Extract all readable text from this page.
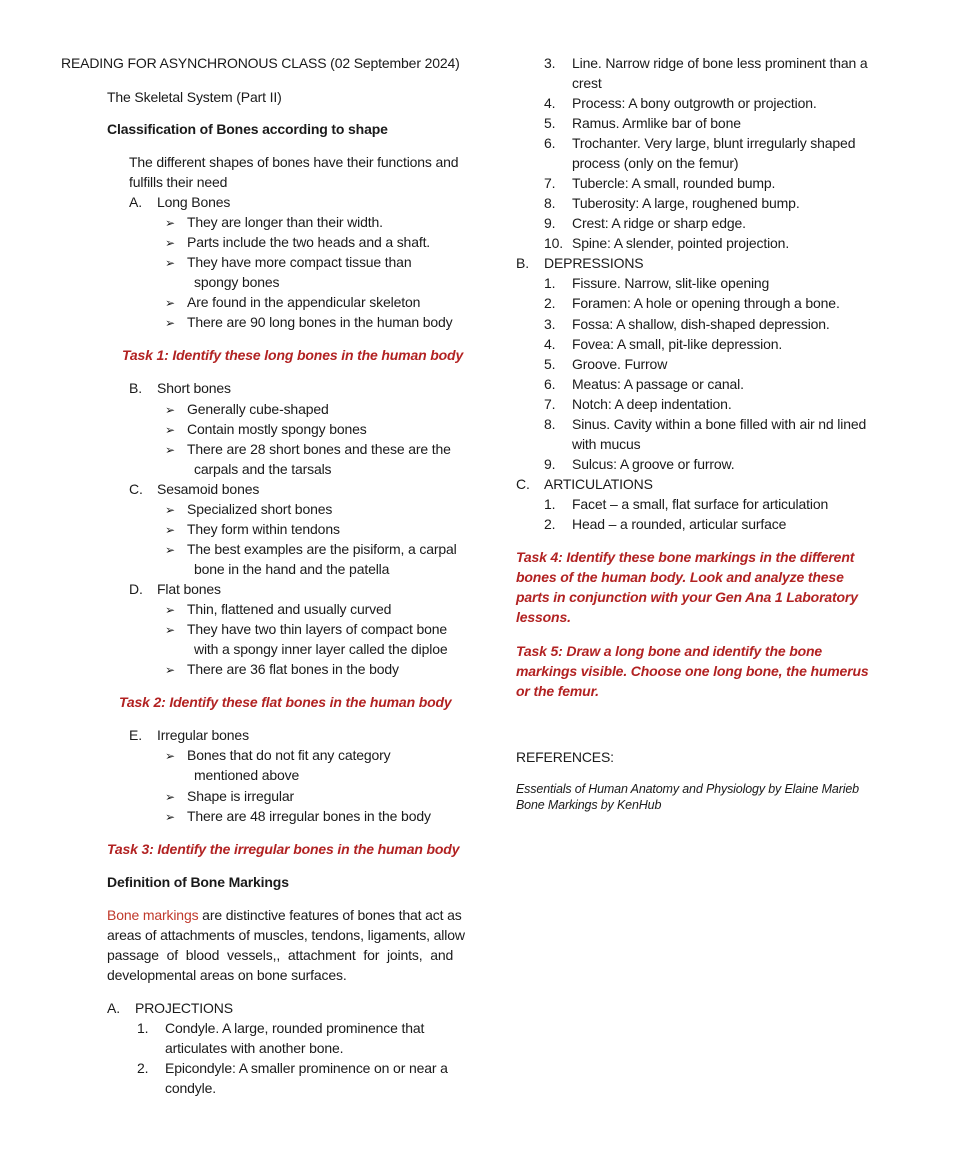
READING FOR ASYNCHRONOUS CLASS (02 September 2024)
The Skeletal System (Part II)
Classification of Bones according to shape
The different shapes of bones have their functions and
fulfills their need
A. Long Bones
➢ They are longer than their width.
➢ Parts include the two heads and a shaft.
➢ They have more compact tissue than
spongy bones
➢ Are found in the appendicular skeleton
➢ There are 90 long bones in the human body
Task 1: Identify these long bones in the human body
B. Short bones
➢ Generally cube-shaped
➢ Contain mostly spongy bones
➢ There are 28 short bones and these are the
carpals and the tarsals
C. Sesamoid bones
➢ Specialized short bones
➢ They form within tendons
➢ The best examples are the pisiform, a carpal
bone in the hand and the patella
D. Flat bones
➢ Thin, flattened and usually curved
➢ They have two thin layers of compact bone
with a spongy inner layer called the diploe
➢ There are 36 flat bones in the body
Task 2: Identify these flat bones in the human body
E. Irregular bones
➢ Bones that do not fit any category
mentioned above
➢ Shape is irregular
➢ There are 48 irregular bones in the body
Task 3: Identify the irregular bones in the human body
Definition of Bone Markings
Bone markings are distinctive features of bones that act as
areas of attachments of muscles, tendons, ligaments, allow
passage of blood vessels,, attachment for joints, and
developmental areas on bone surfaces.
A. PROJECTIONS
1. Condyle. A large, rounded prominence that
articulates with another bone.
2. Epicondyle: A smaller prominence on or near a
condyle.
3. Line. Narrow ridge of bone less prominent than a
crest
4. Process: A bony outgrowth or projection.
5. Ramus. Armlike bar of bone
6. Trochanter. Very large, blunt irregularly shaped
process (only on the femur)
7. Tubercle: A small, rounded bump.
8. Tuberosity: A large, roughened bump.
9. Crest: A ridge or sharp edge.
10. Spine: A slender, pointed projection.
B. DEPRESSIONS
1. Fissure. Narrow, slit-like opening
2. Foramen: A hole or opening through a bone.
3. Fossa: A shallow, dish-shaped depression.
4. Fovea: A small, pit-like depression.
5. Groove. Furrow
6. Meatus: A passage or canal.
7. Notch: A deep indentation.
8. Sinus. Cavity within a bone filled with air nd lined
with mucus
9. Sulcus: A groove or furrow.
C. ARTICULATIONS
1. Facet – a small, flat surface for articulation
2. Head – a rounded, articular surface
Task 4: Identify these bone markings in the different
bones of the human body. Look and analyze these
parts in conjunction with your Gen Ana 1 Laboratory
lessons.
Task 5: Draw a long bone and identify the bone
markings visible. Choose one long bone, the humerus
or the femur.
REFERENCES:
Essentials of Human Anatomy and Physiology by Elaine Marieb
Bone Markings by KenHub
